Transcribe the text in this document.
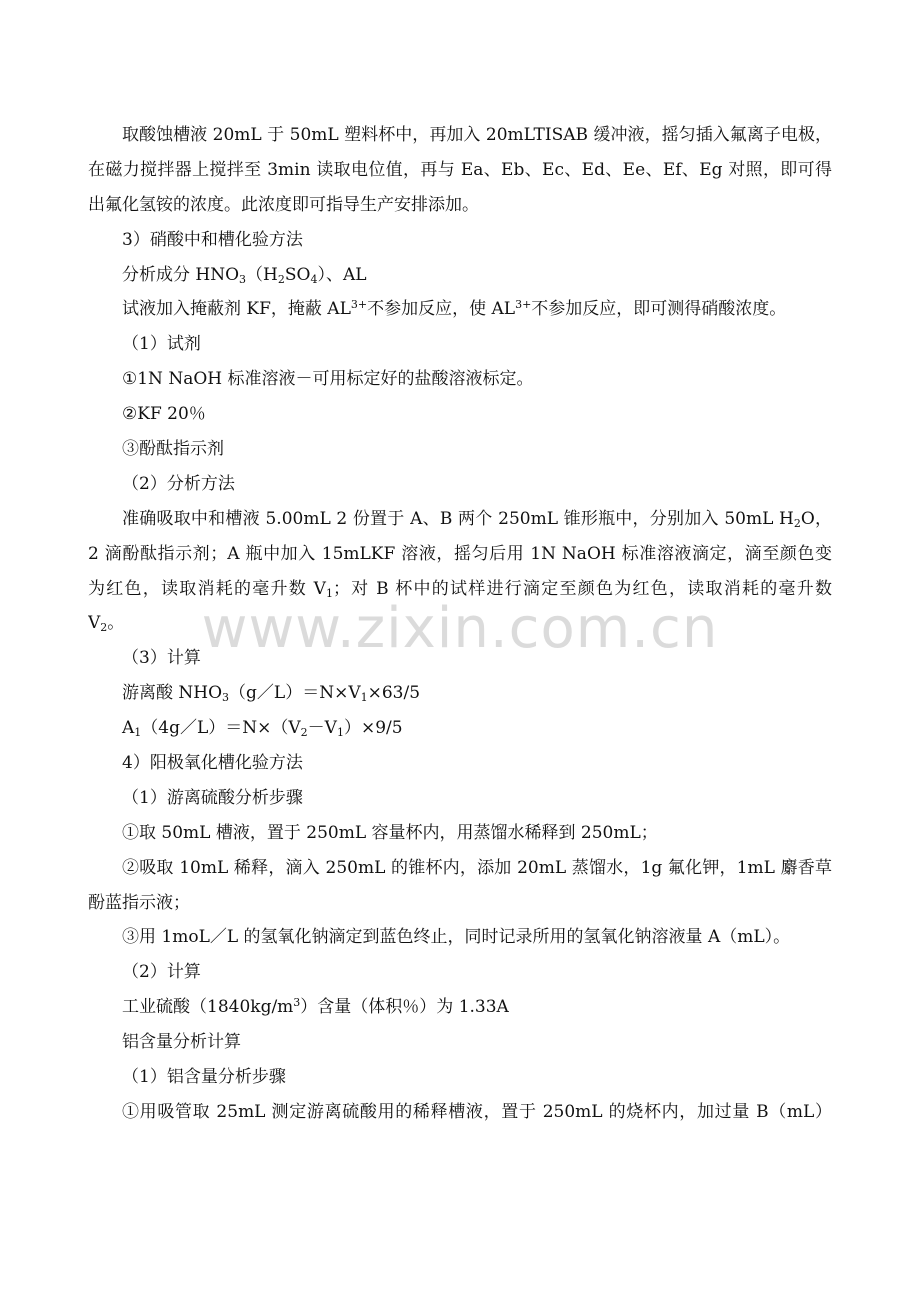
取酸蚀槽液 20mL 于 50mL 塑料杯中，再加入 20mLTISAB 缓冲液，摇匀插入氟离子电极，
在磁力搅拌器上搅拌至 3min 读取电位值，再与 Ea、Eb、Ec、Ed、Ee、Ef、Eg 对照，即可得
出氟化氢铵的浓度。此浓度即可指导生产安排添加。
3）硝酸中和槽化验方法
分析成分 $HNO_3(H_2SO_4)$、AL
试液加入掩蔽剂 KF，掩蔽 $AL^{3+}$不参加反应，使 $AL^{3+}$不参加反应，即可测得硝酸浓度。
（1）试剂
①1N NaOH 标准溶液－可用标定好的盐酸溶液标定。
②KF 20％
③酚酞指示剂
（2）分析方法
准确吸取中和槽液 5.00mL 2 份置于 A、B 两个 250mL 锥形瓶中，分别加入 50mL $H_2O$，
2 滴酚酞指示剂；A 瓶中加入 15mLKF 溶液，摇匀后用 1N NaOH 标准溶液滴定，滴至颜色变
为红色，读取消耗的毫升数 $V_1$；对 B 杯中的试样进行滴定至颜色为红色，读取消耗的毫升数
$V_2$。
（3）计算
游离酸 $NHO_3(g/L)=N\times V_1\times 63/5$
$A_1(4g/L)=N\times(V_2-V_1)\times 9/5$
4）阳极氧化槽化验方法
（1）游离硫酸分析步骤
①取 50mL 槽液，置于 250mL 容量杯内，用蒸馏水稀释到 250mL；
②吸取 10mL 稀释，滴入 250mL 的锥杯内，添加 20mL 蒸馏水，1g 氟化钾，1mL 麝香草
酚蓝指示液；
③用 1moL／L 的氢氧化钠滴定到蓝色终止，同时记录所用的氢氧化钠溶液量 A（mL）。
（2）计算
工业硫酸$(1840kg/m^3)$含量（体积％）为 1.33A
铝含量分析计算
（1）铝含量分析步骤
①用吸管取 25mL 测定游离硫酸用的稀释槽液，置于 250mL 的烧杯内，加过量 B（mL）
www.zixin.com.cn
